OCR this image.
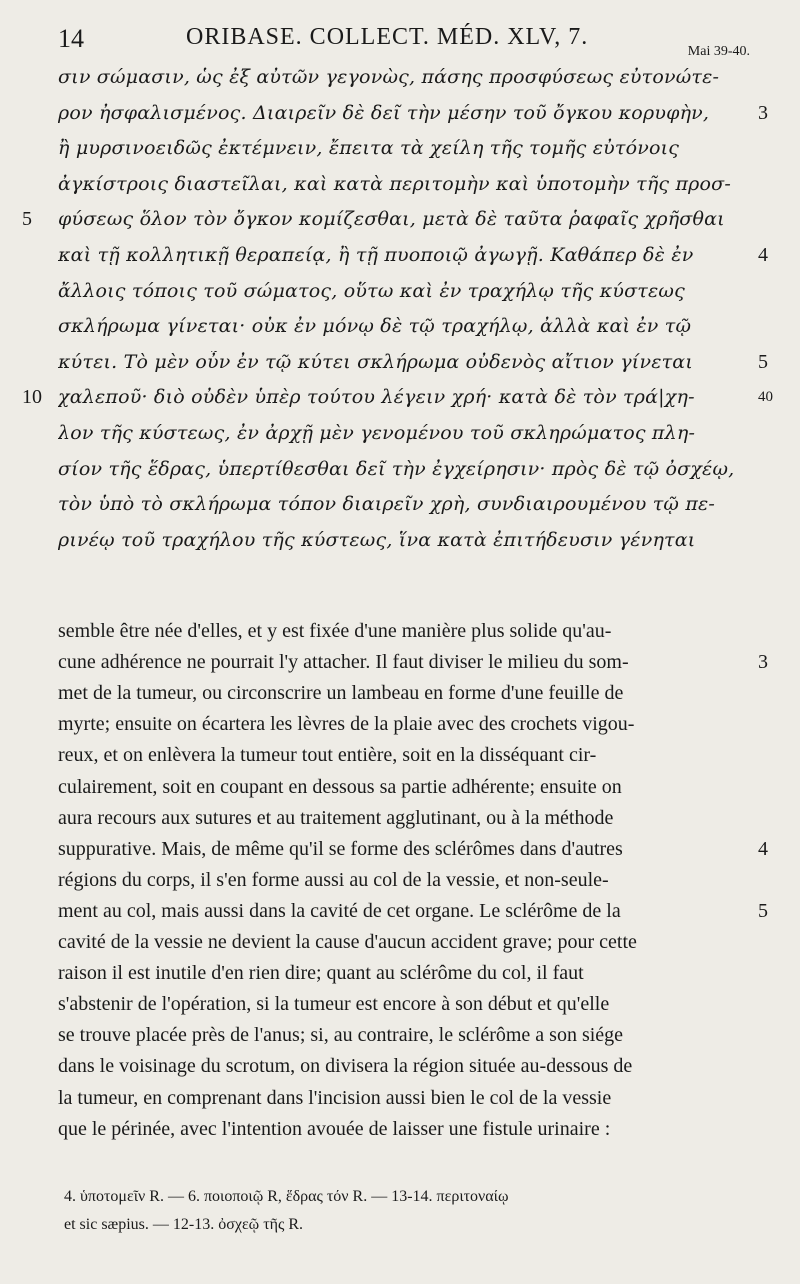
14	ORIBASE. COLLECT. MÉD. XLV, 7.
Mai 39-40.
σιν σώμασιν, ὡς ἐξ αὐτῶν γεγονὼς, πάσης προσφύσεως εὐτονώτε-
ρον ἠσφαλισμένος. Διαιρεῖν δὲ δεῖ τὴν μέσην τοῦ ὄγκου κορυφὴν,
ἢ μυρσινοειδῶς ἐκτέμνειν, ἔπειτα τὰ χείλη τῆς τομῆς εὐτόνοις
ἀγκίστροις διαστεῖλαι, καὶ κατὰ περιτομὴν καὶ ὑποτομὴν τῆς προσ-
φύσεως ὅλον τὸν ὄγκον κομίζεσθαι, μετὰ δὲ ταῦτα ῥαφαῖς χρῆσθαι
καὶ τῇ κολλητικῇ θεραπείᾳ, ἢ τῇ πυοποιῷ ἀγωγῇ. Καθάπερ δὲ ἐν
ἄλλοις τόποις τοῦ σώματος, οὕτω καὶ ἐν τραχήλῳ τῆς κύστεως
σκλήρωμα γίνεται· οὐκ ἐν μόνῳ δὲ τῷ τραχήλῳ, ἀλλὰ καὶ ἐν τῷ
κύτει. Τὸ μὲν οὖν ἐν τῷ κύτει σκλήρωμα οὐδενὸς αἴτιον γίνεται
χαλεποῦ· διὸ οὐδὲν ὑπὲρ τούτου λέγειν χρή· κατὰ δὲ τὸν τρά|χη-
λον τῆς κύστεως, ἐν ἀρχῇ μὲν γενομένου τοῦ σκληρώματος πλη-
σίον τῆς ἕδρας, ὑπερτίθεσθαι δεῖ τὴν ἐγχείρησιν· πρὸς δὲ τῷ ὀσχέῳ,
τὸν ὑπὸ τὸ σκλήρωμα τόπον διαιρεῖν χρὴ, συνδιαιρουμένου τῷ πε-
ρινέῳ τοῦ τραχήλου τῆς κύστεως, ἵνα κατὰ ἐπιτήδευσιν γένηται
5
10
3
4
5
40
semble être née d'elles, et y est fixée d'une manière plus solide qu'au-
cune adhérence ne pourrait l'y attacher. Il faut diviser le milieu du som-
met de la tumeur, ou circonscrire un lambeau en forme d'une feuille de
myrte; ensuite on écartera les lèvres de la plaie avec des crochets vigou-
reux, et on enlèvera la tumeur tout entière, soit en la disséquant cir-
culairement, soit en coupant en dessous sa partie adhérente; ensuite on
aura recours aux sutures et au traitement agglutinant, ou à la méthode
suppurative. Mais, de même qu'il se forme des sclérômes dans d'autres
régions du corps, il s'en forme aussi au col de la vessie, et non-seule-
ment au col, mais aussi dans la cavité de cet organe. Le sclérôme de la
cavité de la vessie ne devient la cause d'aucun accident grave; pour cette
raison il est inutile d'en rien dire; quant au sclérôme du col, il faut
s'abstenir de l'opération, si la tumeur est encore à son début et qu'elle
se trouve placée près de l'anus; si, au contraire, le sclérôme a son siége
dans le voisinage du scrotum, on divisera la région située au-dessous de
la tumeur, en comprenant dans l'incision aussi bien le col de la vessie
que le périnée, avec l'intention avouée de laisser une fistule urinaire :
3
4
5
4. ὑποτομεῖν R. — 6. ποιοποιῷ R, ἕδρας τόν R. — 13-14. περιτοναίῳ
et sic sæpius. — 12-13. ὀσχεῷ τῆς R.
